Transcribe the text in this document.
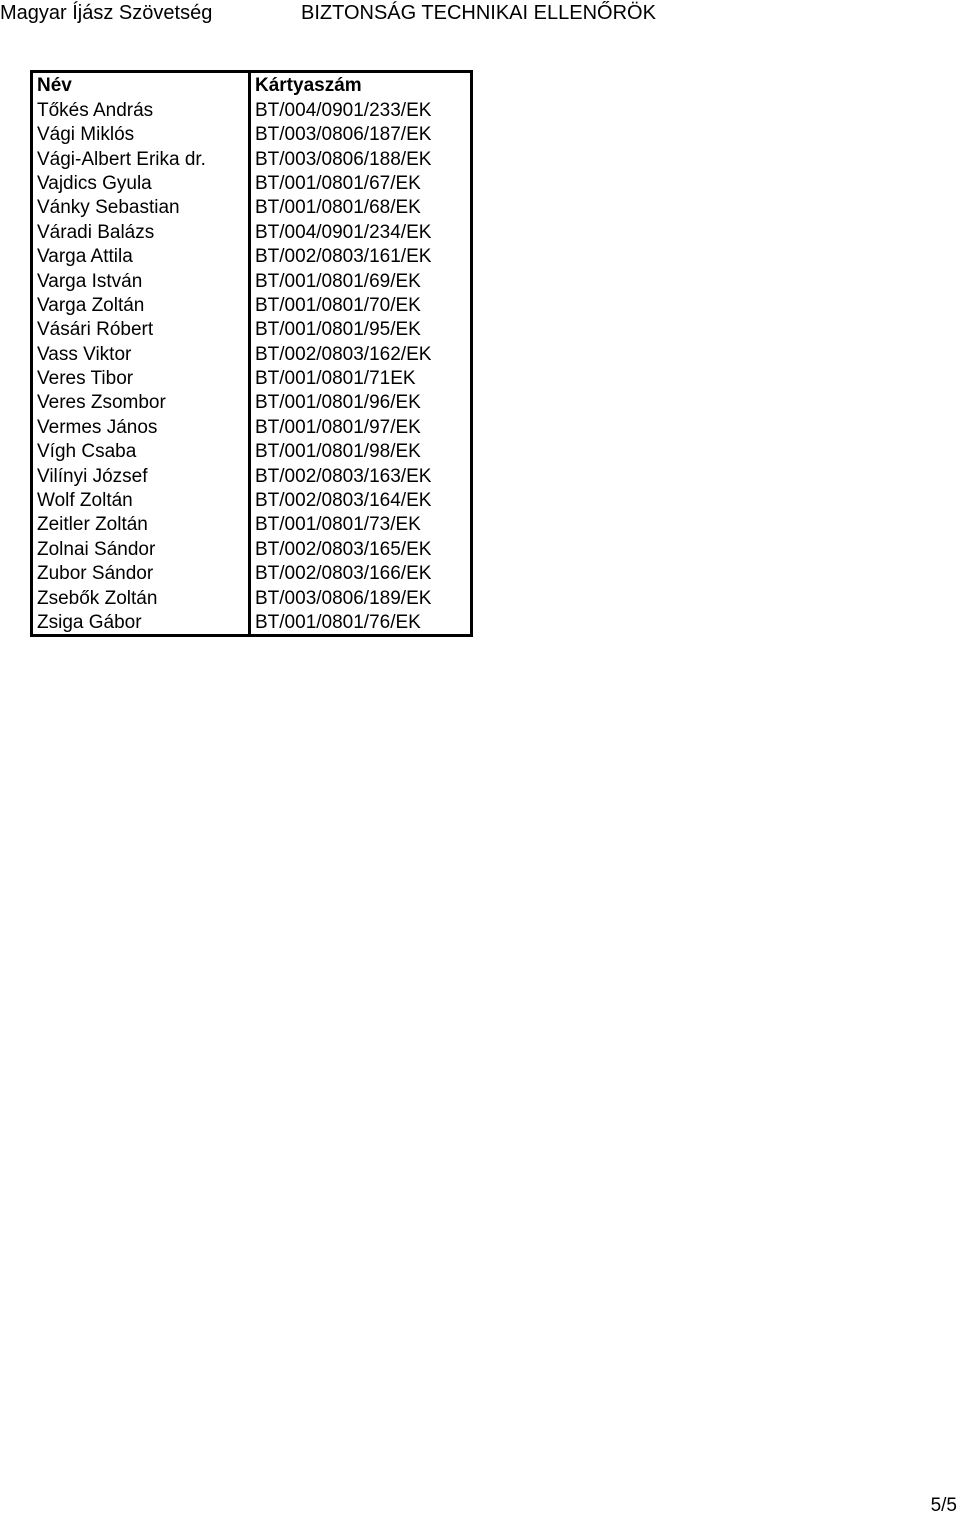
Magyar Íjász Szövetség	BIZTONSÁG TECHNIKAI ELLENŐRÖK
Név	Kártyaszám
Tőkés András	BT/004/0901/233/EK
Vági Miklós	BT/003/0806/187/EK
Vági-Albert Erika dr.	BT/003/0806/188/EK
Vajdics Gyula	BT/001/0801/67/EK
Vánky Sebastian	BT/001/0801/68/EK
Váradi Balázs	BT/004/0901/234/EK
Varga Attila	BT/002/0803/161/EK
Varga István	BT/001/0801/69/EK
Varga Zoltán	BT/001/0801/70/EK
Vásári Róbert	BT/001/0801/95/EK
Vass Viktor	BT/002/0803/162/EK
Veres Tibor	BT/001/0801/71EK
Veres Zsombor	BT/001/0801/96/EK
Vermes János	BT/001/0801/97/EK
Vígh Csaba	BT/001/0801/98/EK
Vilínyi József	BT/002/0803/163/EK
Wolf Zoltán	BT/002/0803/164/EK
Zeitler Zoltán	BT/001/0801/73/EK
Zolnai Sándor	BT/002/0803/165/EK
Zubor Sándor	BT/002/0803/166/EK
Zsebők Zoltán	BT/003/0806/189/EK
Zsiga Gábor	BT/001/0801/76/EK
5/5
